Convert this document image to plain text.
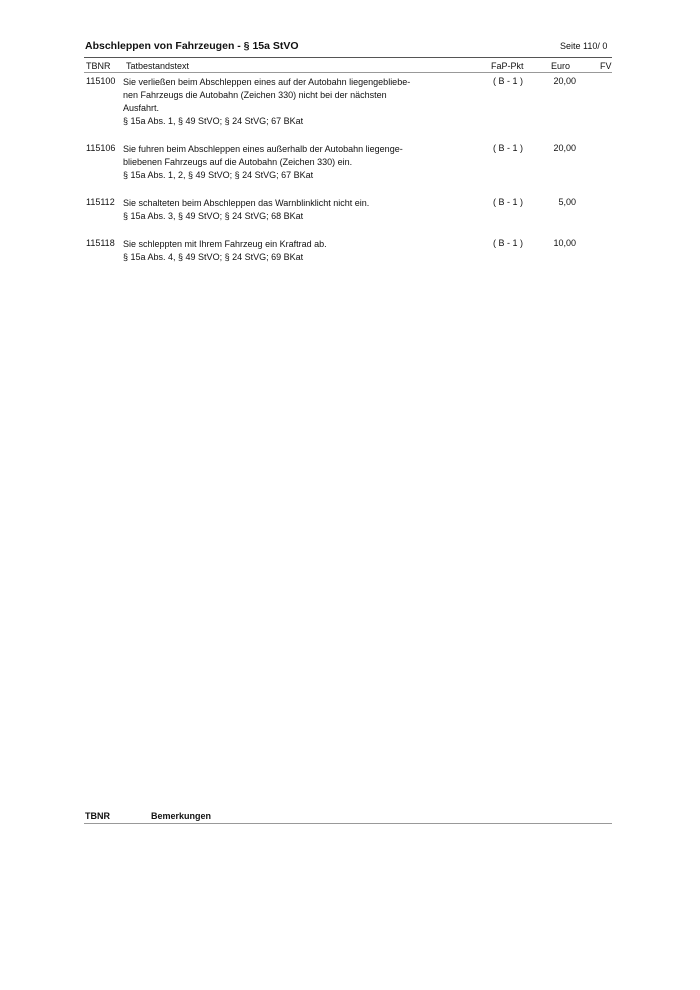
Abschleppen von Fahrzeugen - § 15a StVO	Seite 110/ 0
TBNR Tatbestandstext	FaP-Pkt	Euro	FV
115100 Sie verließen beim Abschleppen eines auf der Autobahn liegengebliebe-
nen Fahrzeugs die Autobahn (Zeichen 330) nicht bei der nächsten
Ausfahrt.
§ 15a Abs. 1, § 49 StVO; § 24 StVG; 67 BKat
( B - 1 )	20,00
115106 Sie fuhren beim Abschleppen eines außerhalb der Autobahn liegenge-
bliebenen Fahrzeugs auf die Autobahn (Zeichen 330) ein.
§ 15a Abs. 1, 2, § 49 StVO; § 24 StVG; 67 BKat
( B - 1 )	20,00
115112 Sie schalteten beim Abschleppen das Warnblinklicht nicht ein.
§ 15a Abs. 3, § 49 StVO; § 24 StVG; 68 BKat
( B - 1 )	5,00
115118 Sie schleppten mit Ihrem Fahrzeug ein Kraftrad ab.
§ 15a Abs. 4, § 49 StVO; § 24 StVG; 69 BKat
( B - 1 )	10,00
TBNR	Bemerkungen
